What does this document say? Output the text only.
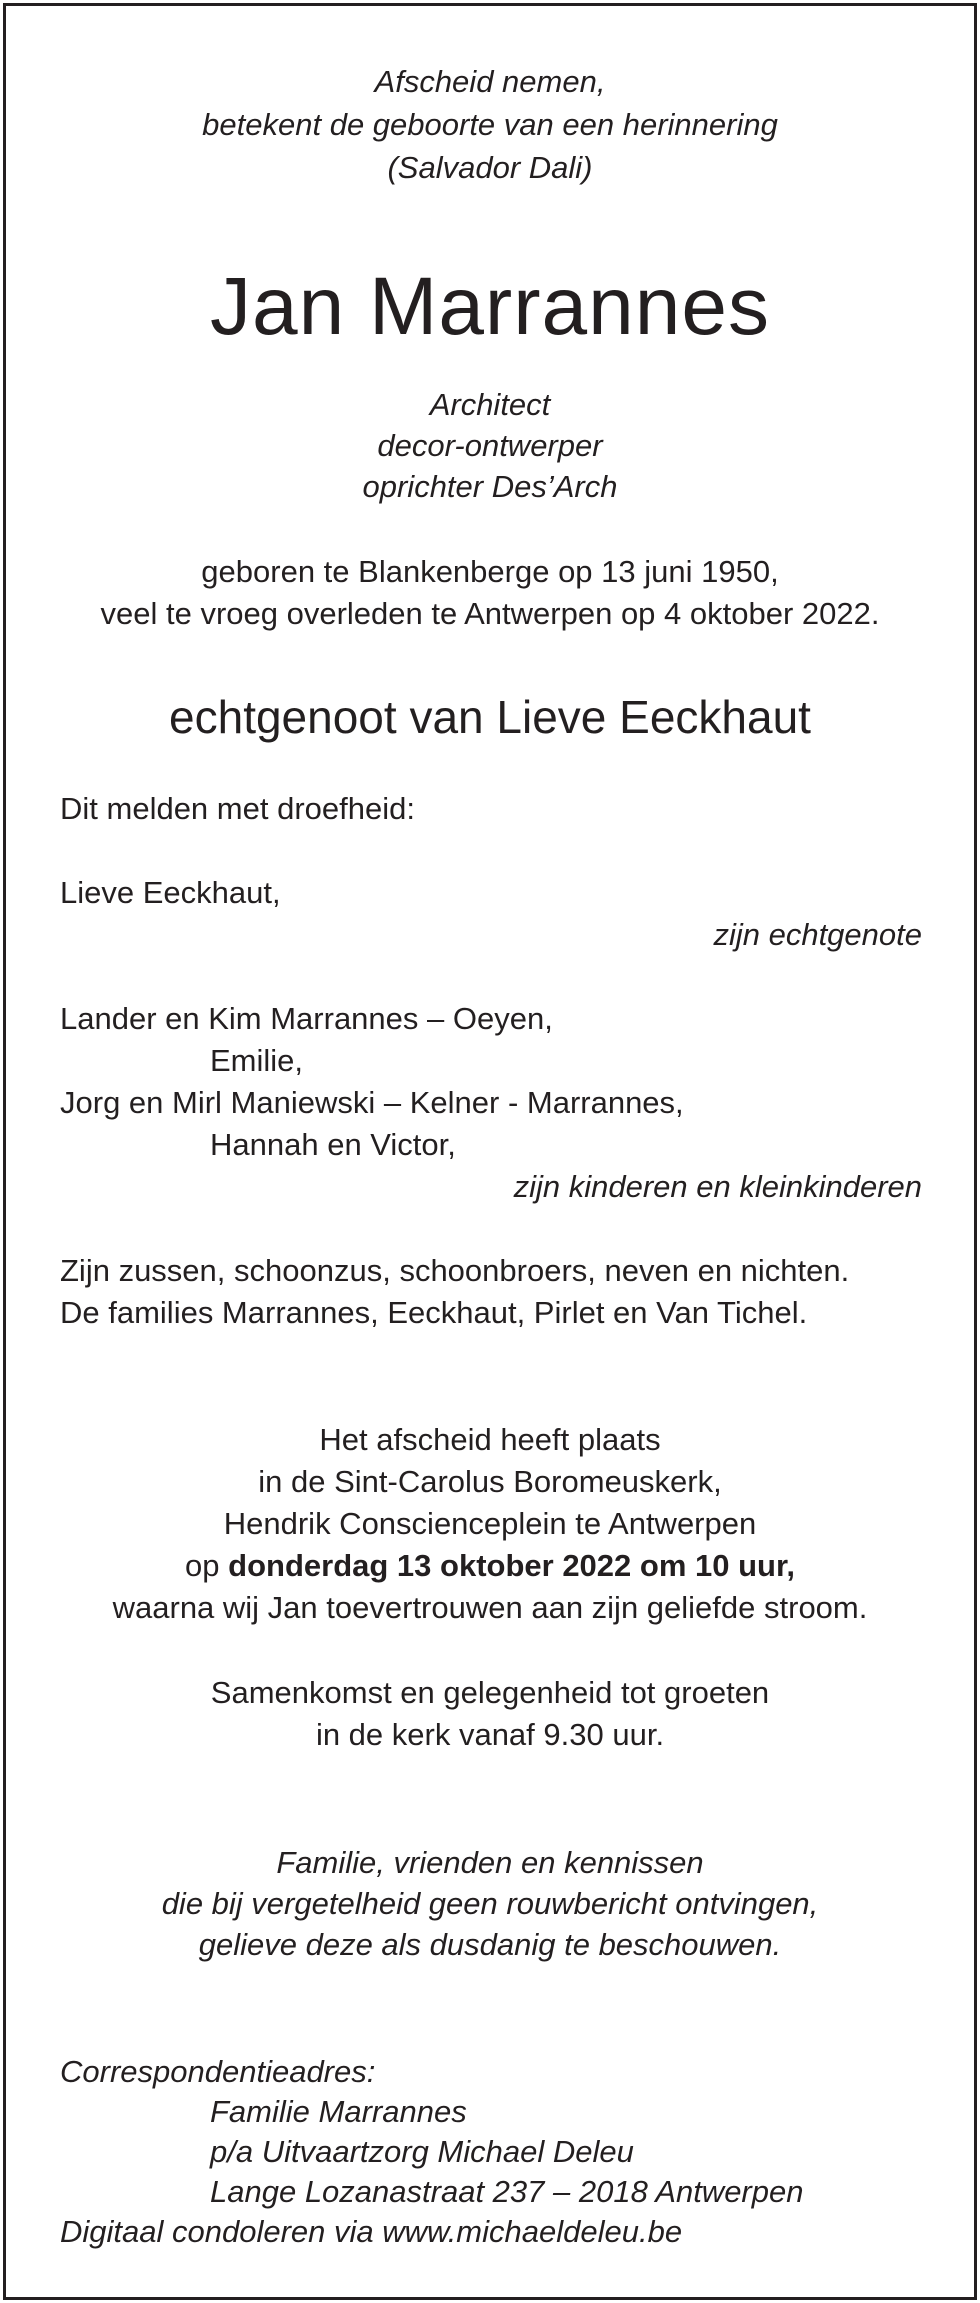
Afscheid nemen,
betekent de geboorte van een herinnering
(Salvador Dali)
Jan Marrannes
Architect
decor-ontwerper
oprichter Des’Arch
geboren te Blankenberge op 13 juni 1950,
veel te vroeg overleden te Antwerpen op 4 oktober 2022.
echtgenoot van Lieve Eeckhaut
Dit melden met droefheid:
Lieve Eeckhaut,
zijn echtgenote
Lander en Kim Marrannes – Oeyen,
Emilie,
Jorg en Mirl Maniewski – Kelner - Marrannes,
Hannah en Victor,
zijn kinderen en kleinkinderen
Zijn zussen, schoonzus, schoonbroers, neven en nichten.
De families Marrannes, Eeckhaut, Pirlet en Van Tichel.
Het afscheid heeft plaats
in de Sint-Carolus Boromeuskerk,
Hendrik Conscienceplein te Antwerpen
op donderdag 13 oktober 2022 om 10 uur,
waarna wij Jan toevertrouwen aan zijn geliefde stroom.
Samenkomst en gelegenheid tot groeten
in de kerk vanaf 9.30 uur.
Familie, vrienden en kennissen
die bij vergetelheid geen rouwbericht ontvingen,
gelieve deze als dusdanig te beschouwen.
Correspondentieadres:
Familie Marrannes
p/a Uitvaartzorg Michael Deleu
Lange Lozanastraat 237 – 2018 Antwerpen
Digitaal condoleren via www.michaeldeleu.be
